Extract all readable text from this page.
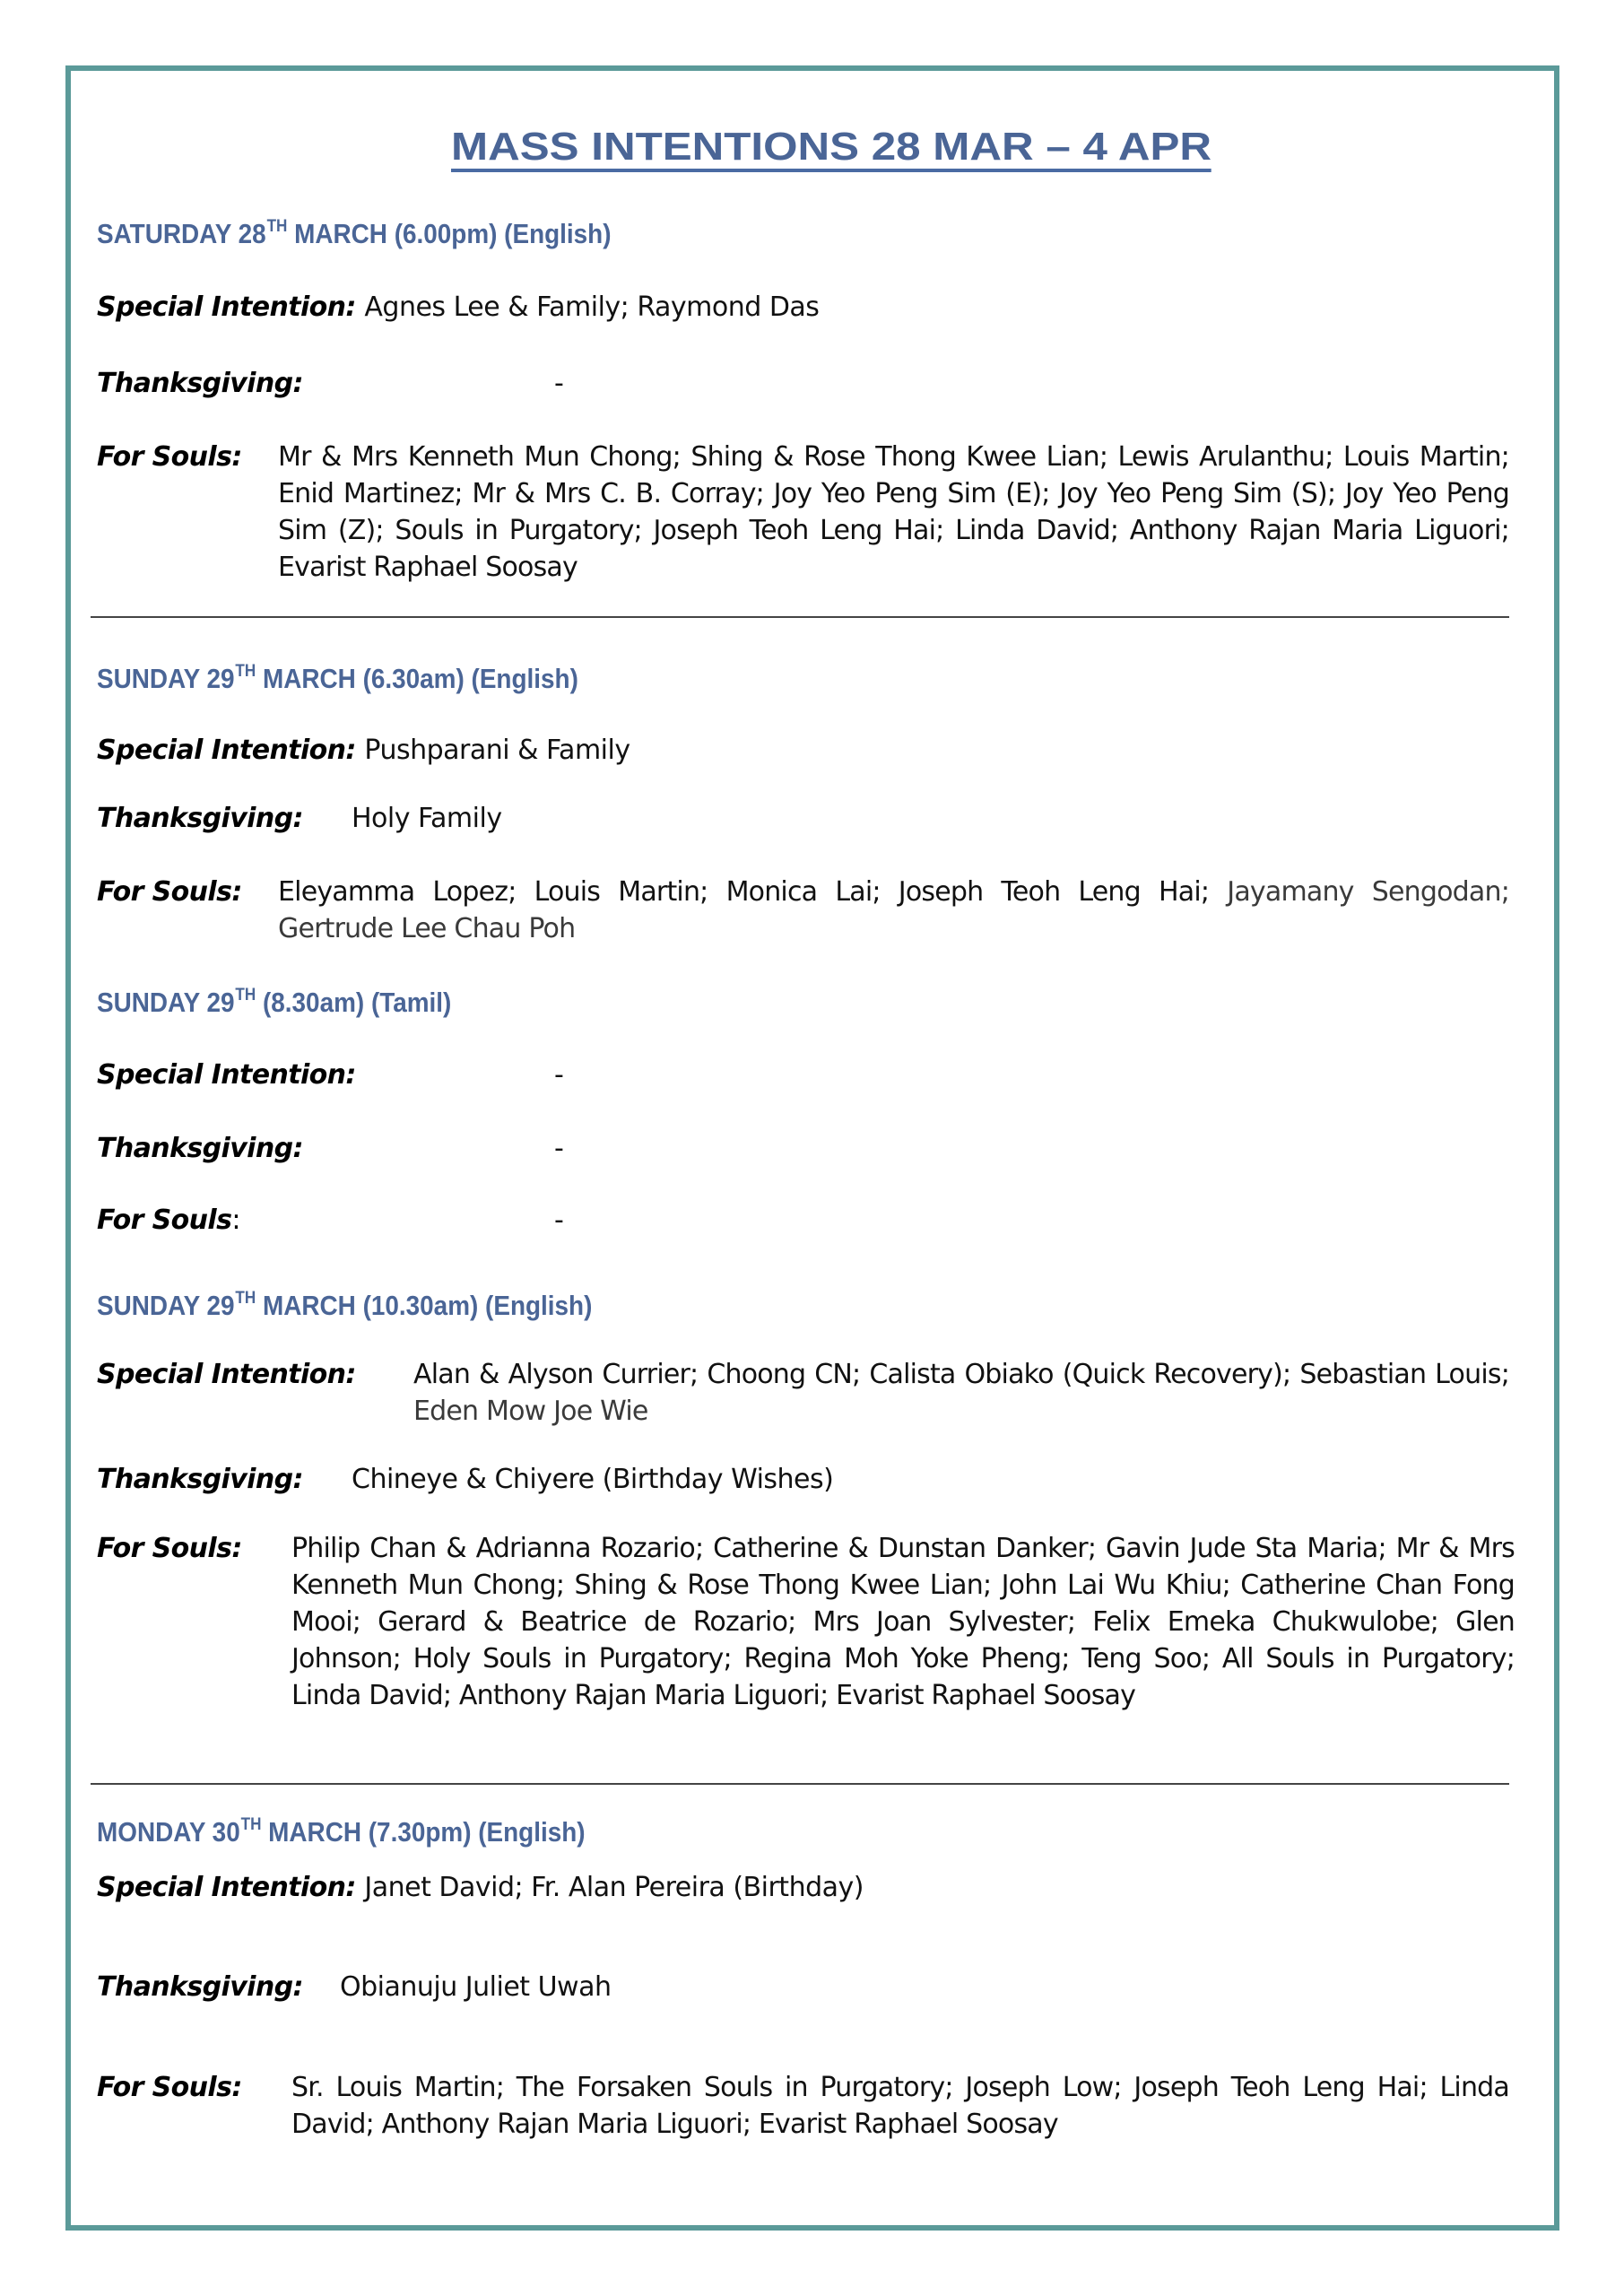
MASS INTENTIONS 28 MAR – 4 APR
SATURDAY 28TH MARCH (6.00pm) (English)
Special Intention: Agnes Lee & Family; Raymond Das
Thanksgiving:	-
For Souls: Mr & Mrs Kenneth Mun Chong; Shing & Rose Thong Kwee Lian; Lewis Arulanthu; Louis Martin; Enid Martinez; Mr & Mrs C. B. Corray; Joy Yeo Peng Sim (E); Joy Yeo Peng Sim (S); Joy Yeo Peng Sim (Z); Souls in Purgatory; Joseph Teoh Leng Hai; Linda David; Anthony Rajan Maria Liguori; Evarist Raphael Soosay
SUNDAY 29TH MARCH (6.30am) (English)
Special Intention: Pushparani & Family
Thanksgiving: Holy Family
For Souls: Eleyamma Lopez; Louis Martin; Monica Lai; Joseph Teoh Leng Hai; Jayamany Sengodan; Gertrude Lee Chau Poh
SUNDAY 29TH (8.30am) (Tamil)
Special Intention:	-
Thanksgiving:	-
For Souls:	-
SUNDAY 29TH MARCH (10.30am) (English)
Special Intention: Alan & Alyson Currier; Choong CN; Calista Obiako (Quick Recovery); Sebastian Louis; Eden Mow Joe Wie
Thanksgiving: Chineye & Chiyere (Birthday Wishes)
For Souls: Philip Chan & Adrianna Rozario; Catherine & Dunstan Danker; Gavin Jude Sta Maria; Mr & Mrs Kenneth Mun Chong; Shing & Rose Thong Kwee Lian; John Lai Wu Khiu; Catherine Chan Fong Mooi; Gerard & Beatrice de Rozario; Mrs Joan Sylvester; Felix Emeka Chukwulobe; Glen Johnson; Holy Souls in Purgatory; Regina Moh Yoke Pheng; Teng Soo; All Souls in Purgatory; Linda David; Anthony Rajan Maria Liguori; Evarist Raphael Soosay
MONDAY 30TH MARCH (7.30pm) (English)
Special Intention: Janet David; Fr. Alan Pereira (Birthday)
Thanksgiving: Obianuju Juliet Uwah
For Souls: Sr. Louis Martin; The Forsaken Souls in Purgatory; Joseph Low; Joseph Teoh Leng Hai; Linda David; Anthony Rajan Maria Liguori; Evarist Raphael Soosay
